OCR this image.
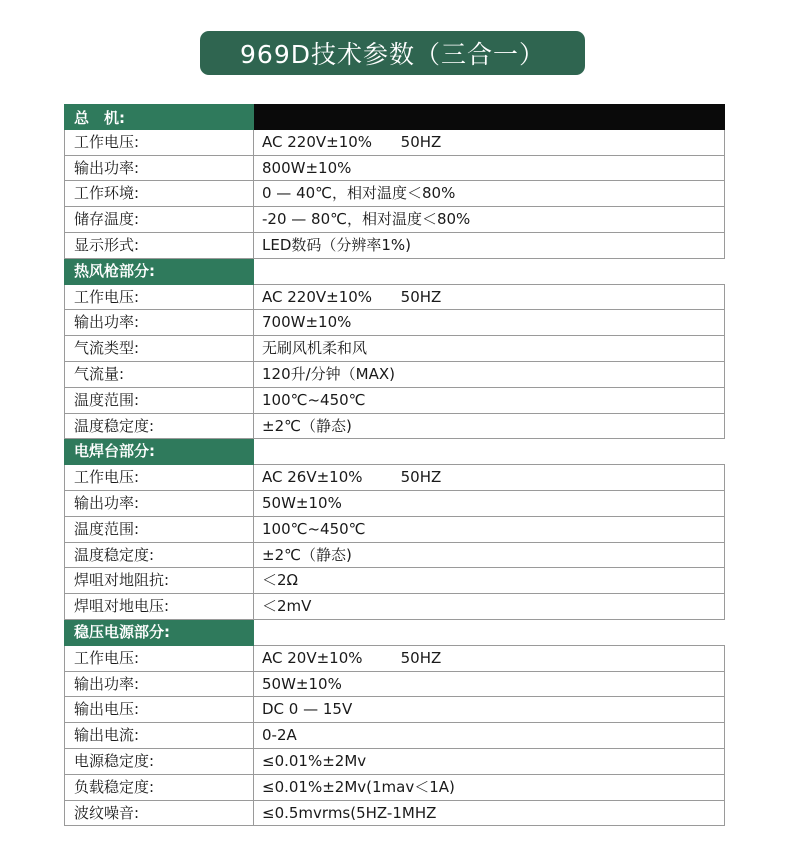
969D技术参数（三合一）
总　机:
工作电压:	AC 220V±10%      50HZ
输出功率:	800W±10%
工作环境:	0 — 40℃，相对温度＜80%
储存温度:	-20 — 80℃，相对温度＜80%
显示形式:	LED数码（分辨率1%)
热风枪部分:
工作电压:	AC 220V±10%      50HZ
输出功率:	700W±10%
气流类型:	无刷风机柔和风
气流量:	120升/分钟（MAX)
温度范围:	100℃~450℃
温度稳定度:	±2℃（静态)
电焊台部分:
工作电压:	AC 26V±10%        50HZ
输出功率:	50W±10%
温度范围:	100℃~450℃
温度稳定度:	±2℃（静态)
焊咀对地阻抗:	＜2Ω
焊咀对地电压:	＜2mV
稳压电源部分:
工作电压:	AC 20V±10%        50HZ
输出功率:	50W±10%
输出电压:	DC 0 — 15V
输出电流:	0-2A
电源稳定度:	≤0.01%±2Mv
负载稳定度:	≤0.01%±2Mv(1mav＜1A)
波纹噪音:	≤0.5mvrms(5HZ-1MHZ
